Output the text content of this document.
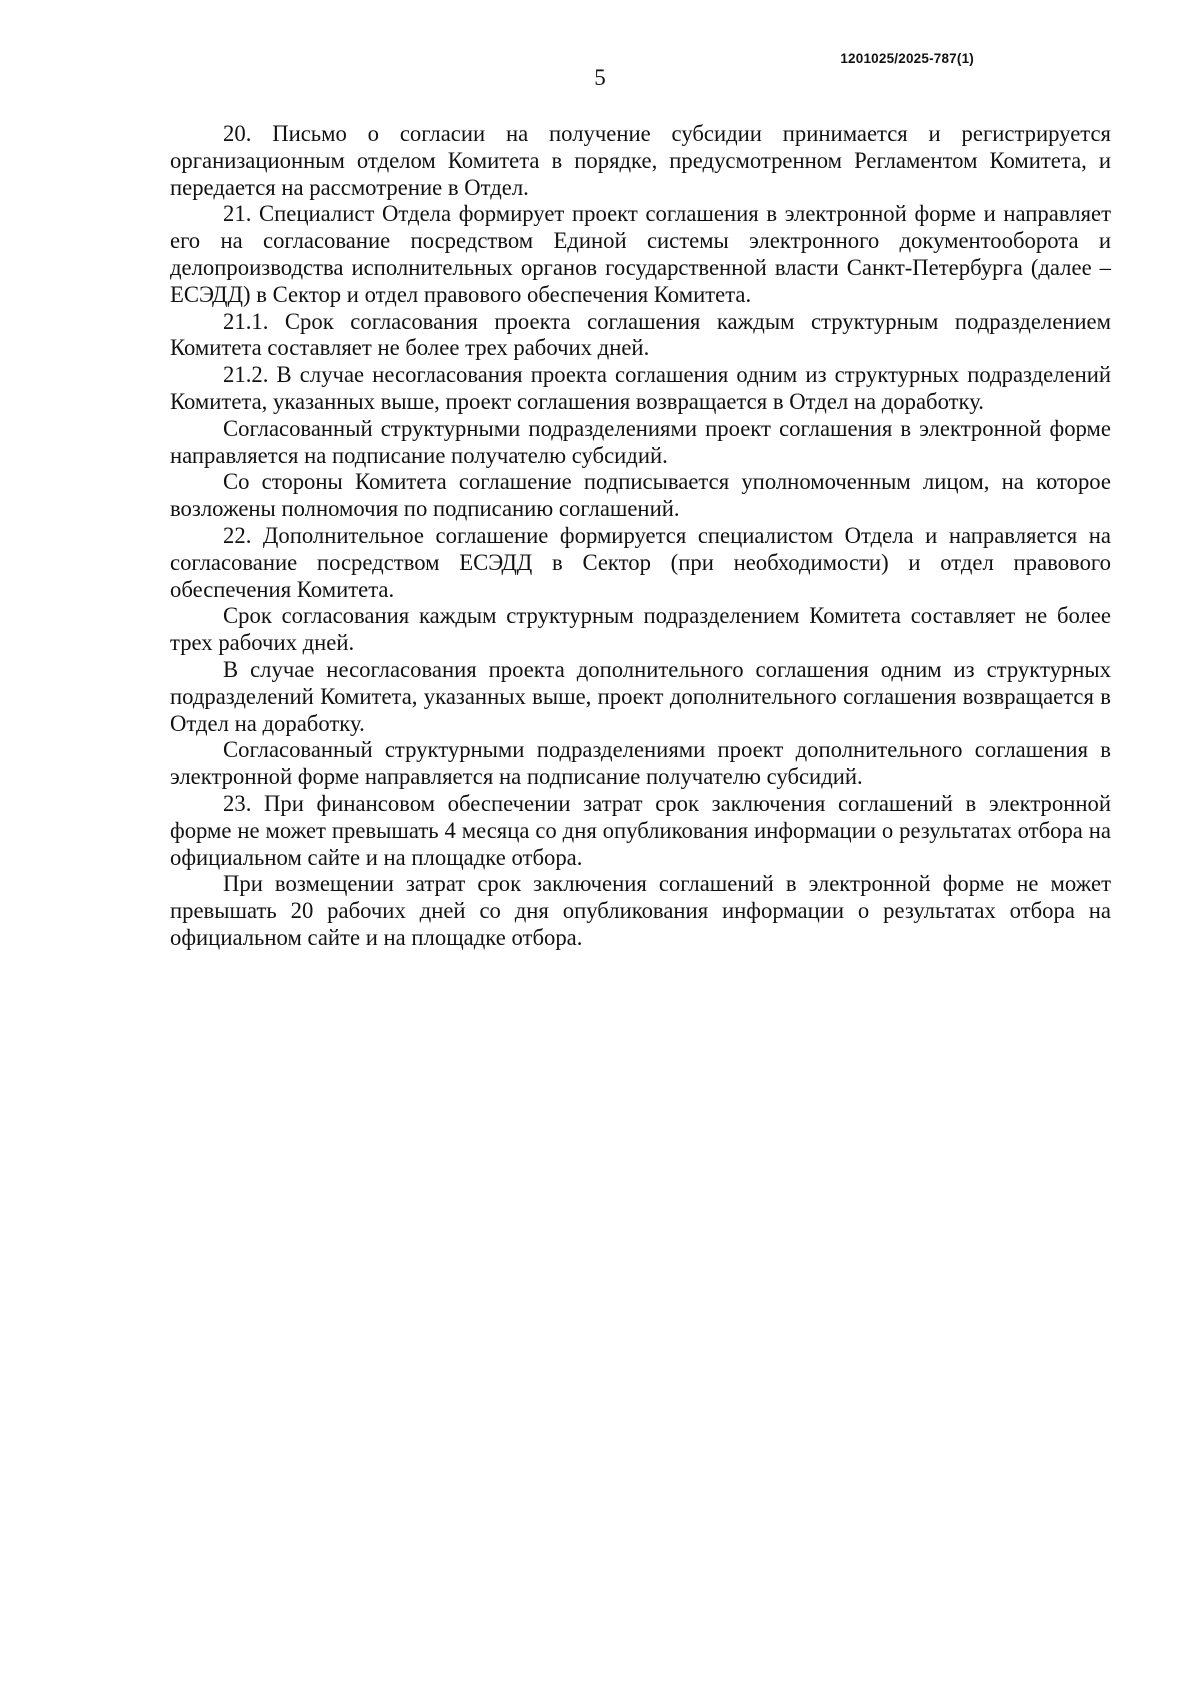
1201025/2025-787(1)
5

20. Письмо о согласии на получение субсидии принимается и регистрируется организационным отделом Комитета в порядке, предусмотренном Регламентом Комитета, и передается на рассмотрение в Отдел.

21. Специалист Отдела формирует проект соглашения в электронной форме и направляет его на согласование посредством Единой системы электронного документооборота и делопроизводства исполнительных органов государственной власти Санкт-Петербурга (далее – ЕСЭДД) в Сектор и отдел правового обеспечения Комитета.

21.1. Срок согласования проекта соглашения каждым структурным подразделением Комитета составляет не более трех рабочих дней.

21.2. В случае несогласования проекта соглашения одним из структурных подразделений Комитета, указанных выше, проект соглашения возвращается в Отдел на доработку.

Согласованный структурными подразделениями проект соглашения в электронной форме направляется на подписание получателю субсидий.

Со стороны Комитета соглашение подписывается уполномоченным лицом, на которое возложены полномочия по подписанию соглашений.

22. Дополнительное соглашение формируется специалистом Отдела и направляется на согласование посредством ЕСЭДД в Сектор (при необходимости) и отдел правового обеспечения Комитета.

Срок согласования каждым структурным подразделением Комитета составляет не более трех рабочих дней.

В случае несогласования проекта дополнительного соглашения одним из структурных подразделений Комитета, указанных выше, проект дополнительного соглашения возвращается в Отдел на доработку.

Согласованный структурными подразделениями проект дополнительного соглашения в электронной форме направляется на подписание получателю субсидий.

23. При финансовом обеспечении затрат срок заключения соглашений в электронной форме не может превышать 4 месяца со дня опубликования информации о результатах отбора на официальном сайте и на площадке отбора.

При возмещении затрат срок заключения соглашений в электронной форме не может превышать 20 рабочих дней со дня опубликования информации о результатах отбора на официальном сайте и на площадке отбора.
